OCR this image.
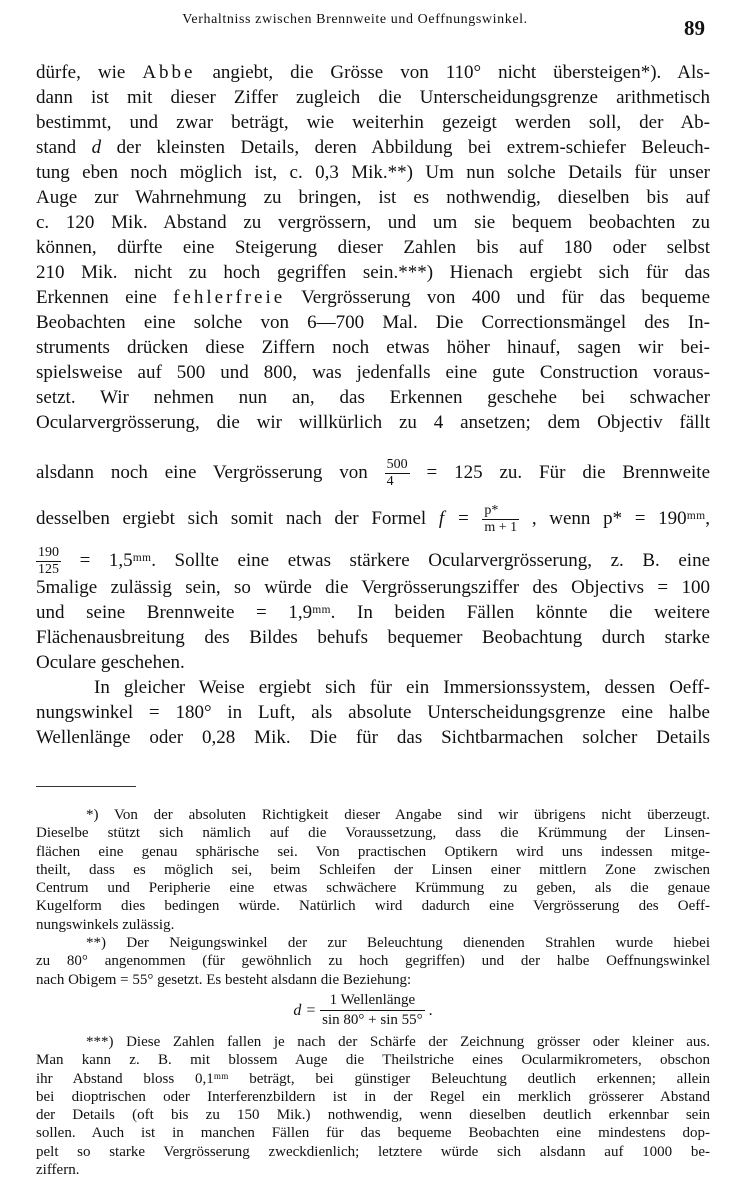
Verhaltniss zwischen Brennweite und Oeffnungswinkel.	89
dürfe, wie Abbe angiebt, die Grösse von 110° nicht übersteigen*). Als-
dann ist mit dieser Ziffer zugleich die Unterscheidungsgrenze arithmetisch
bestimmt, und zwar beträgt, wie weiterhin gezeigt werden soll, der Ab-
stand d der kleinsten Details, deren Abbildung bei extrem-schiefer Beleuch-
tung eben noch möglich ist, c. 0,3 Mik.**) Um nun solche Details für unser
Auge zur Wahrnehmung zu bringen, ist es nothwendig, dieselben bis auf
c. 120 Mik. Abstand zu vergrössern, und um sie bequem beobachten zu
können, dürfte eine Steigerung dieser Zahlen bis auf 180 oder selbst
210 Mik. nicht zu hoch gegriffen sein.***) Hienach ergiebt sich für das
Erkennen eine fehlerfreie Vergrösserung von 400 und für das bequeme
Beobachten eine solche von 6—700 Mal. Die Correctionsmängel des In-
struments drücken diese Ziffern noch etwas höher hinauf, sagen wir bei-
spielsweise auf 500 und 800, was jedenfalls eine gute Construction voraus-
setzt. Wir nehmen nun an, das Erkennen geschehe bei schwacher
Ocularvergrösserung, die wir willkürlich zu 4 ansetzen; dem Objectiv fällt
alsdann noch eine Vergrösserung von $\frac{500}{4} = 125$ zu. Für die Brennweite
desselben ergiebt sich somit nach der Formel $f = \frac{p*}{m + 1}$ , wenn p* = 190ᵐᵐ,
$\frac{190}{125}$ = 1,5ᵐᵐ. Sollte eine etwas stärkere Ocularvergrösserung, z. B. eine
5malige zulässig sein, so würde die Vergrösserungsziffer des Objectivs = 100
und seine Brennweite = 1,9ᵐᵐ. In beiden Fällen könnte die weitere
Flächenausbreitung des Bildes behufs bequemer Beobachtung durch starke
Oculare geschehen.
In gleicher Weise ergiebt sich für ein Immersionssystem, dessen Oeff-
nungswinkel = 180° in Luft, als absolute Unterscheidungsgrenze eine halbe
Wellenlänge oder 0,28 Mik. Die für das Sichtbarmachen solcher Details
*) Von der absoluten Richtigkeit dieser Angabe sind wir übrigens nicht überzeugt.
Dieselbe stützt sich nämlich auf die Voraussetzung, dass die Krümmung der Linsen-
flächen eine genau sphärische sei. Von practischen Optikern wird uns indessen mitge-
theilt, dass es möglich sei, beim Schleifen der Linsen einer mittlern Zone zwischen
Centrum und Peripherie eine etwas schwächere Krümmung zu geben, als die genaue
Kugelform dies bedingen würde. Natürlich wird dadurch eine Vergrösserung des Oeff-
nungswinkels zulässig.
**) Der Neigungswinkel der zur Beleuchtung dienenden Strahlen wurde hiebei
zu 80° angenommen (für gewöhnlich zu hoch gegriffen) und der halbe Oeffnungswinkel
nach Obigem = 55° gesetzt. Es besteht alsdann die Beziehung:
$d = \frac{\text{1 Wellenlänge}}{\sin 80^\circ + \sin 55^\circ}$ .
***) Diese Zahlen fallen je nach der Schärfe der Zeichnung grösser oder kleiner aus.
Man kann z. B. mit blossem Auge die Theilstriche eines Ocularmikrometers, obschon
ihr Abstand bloss 0,1ᵐᵐ beträgt, bei günstiger Beleuchtung deutlich erkennen; allein
bei dioptrischen oder Interferenzbildern ist in der Regel ein merklich grösserer Abstand
der Details (oft bis zu 150 Mik.) nothwendig, wenn dieselben deutlich erkennbar sein
sollen. Auch ist in manchen Fällen für das bequeme Beobachten eine mindestens dop-
pelt so starke Vergrösserung zweckdienlich; letztere würde sich alsdann auf 1000 be-
ziffern.
